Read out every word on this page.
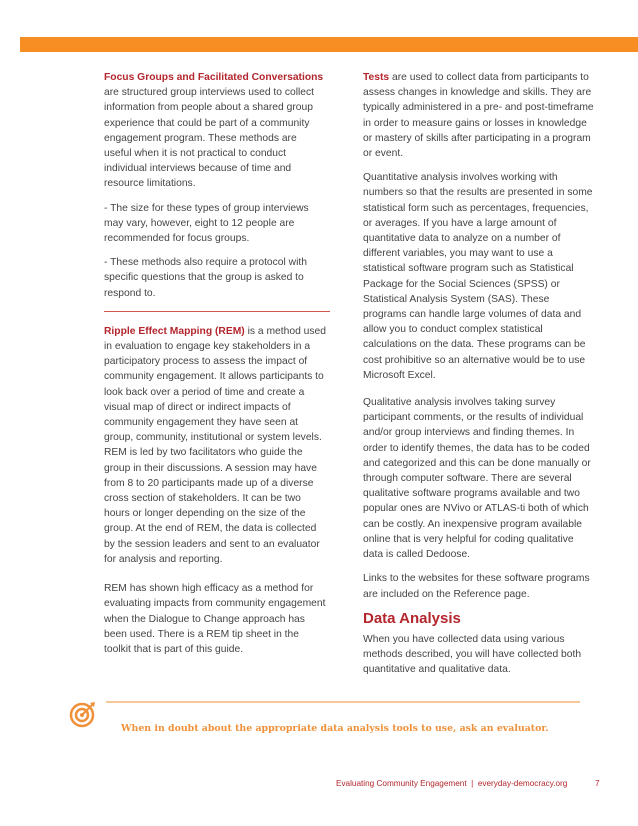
Focus Groups and Facilitated Conversations are structured group interviews used to collect information from people about a shared group experience that could be part of a community engagement program. These methods are useful when it is not practical to conduct individual interviews because of time and resource limitations.

- The size for these types of group interviews may vary, however, eight to 12 people are recommended for focus groups.

- These methods also require a protocol with specific questions that the group is asked to respond to.

Ripple Effect Mapping (REM) is a method used in evaluation to engage key stakeholders in a participatory process to assess the impact of community engagement. It allows participants to look back over a period of time and create a visual map of direct or indirect impacts of community engagement they have seen at group, community, institutional or system levels. REM is led by two facilitators who guide the group in their discussions. A session may have from 8 to 20 participants made up of a diverse cross section of stakeholders. It can be two hours or longer depending on the size of the group. At the end of REM, the data is collected by the session leaders and sent to an evaluator for analysis and reporting.

REM has shown high efficacy as a method for evaluating impacts from community engagement when the Dialogue to Change approach has been used. There is a REM tip sheet in the toolkit that is part of this guide.

Tests are used to collect data from participants to assess changes in knowledge and skills. They are typically administered in a pre- and post-timeframe in order to measure gains or losses in knowledge or mastery of skills after participating in a program or event.

Quantitative analysis involves working with numbers so that the results are presented in some statistical form such as percentages, frequencies, or averages. If you have a large amount of quantitative data to analyze on a number of different variables, you may want to use a statistical software program such as Statistical Package for the Social Sciences (SPSS) or Statistical Analysis System (SAS). These programs can handle large volumes of data and allow you to conduct complex statistical calculations on the data. These programs can be cost prohibitive so an alternative would be to use Microsoft Excel.

Qualitative analysis involves taking survey participant comments, or the results of individual and/or group interviews and finding themes. In order to identify themes, the data has to be coded and categorized and this can be done manually or through computer software. There are several qualitative software programs available and two popular ones are NVivo or ATLAS-ti both of which can be costly. An inexpensive program available online that is very helpful for coding qualitative data is called Dedoose.

Links to the websites for these software programs are included on the Reference page.

Data Analysis

When you have collected data using various methods described, you will have collected both quantitative and qualitative data.

When in doubt about the appropriate data analysis tools to use, ask an evaluator.
Evaluating Community Engagement  |  everyday-democracy.org	7
